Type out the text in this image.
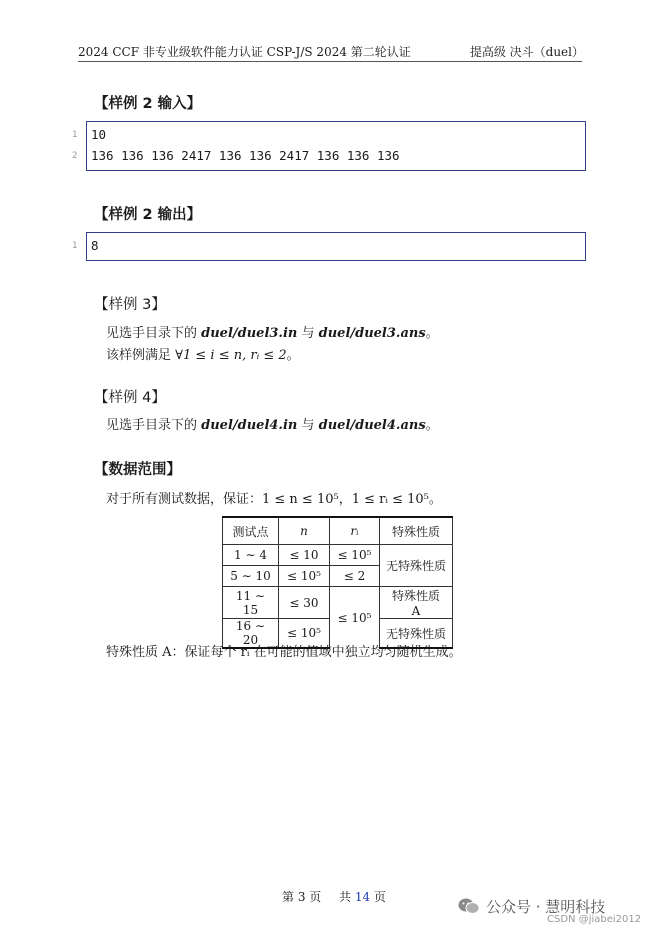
2024 CCF 非专业级软件能力认证 CSP-J/S 2024 第二轮认证	提高级 决斗（duel）
【样例 2 输入】
1
2
10
136 136 136 2417 136 136 2417 136 136 136
【样例 2 输出】
1 8
【样例 3】
见选手目录下的 duel/duel3.in 与 duel/duel3.ans。
该样例满足 ∀1 ≤ i ≤ n, rᵢ ≤ 2。
【样例 4】
见选手目录下的 duel/duel4.in 与 duel/duel4.ans。
【数据范围】
对于所有测试数据，保证：1 ≤ n ≤ 10⁵，1 ≤ rᵢ ≤ 10⁵。
测试点	n	rᵢ	特殊性质
1 ∼ 4	≤ 10	≤ 10⁵	无特殊性质
5 ∼ 10	≤ 10⁵	≤ 2	
11 ∼ 15	≤ 30	≤ 10⁵	特殊性质 A
16 ∼ 20	≤ 10⁵		无特殊性质
特殊性质 A：保证每个 rᵢ 在可能的值域中独立均匀随机生成。
第 3 页 共 14 页
公众号 · 慧明科技
CSDN @jiabei2012
